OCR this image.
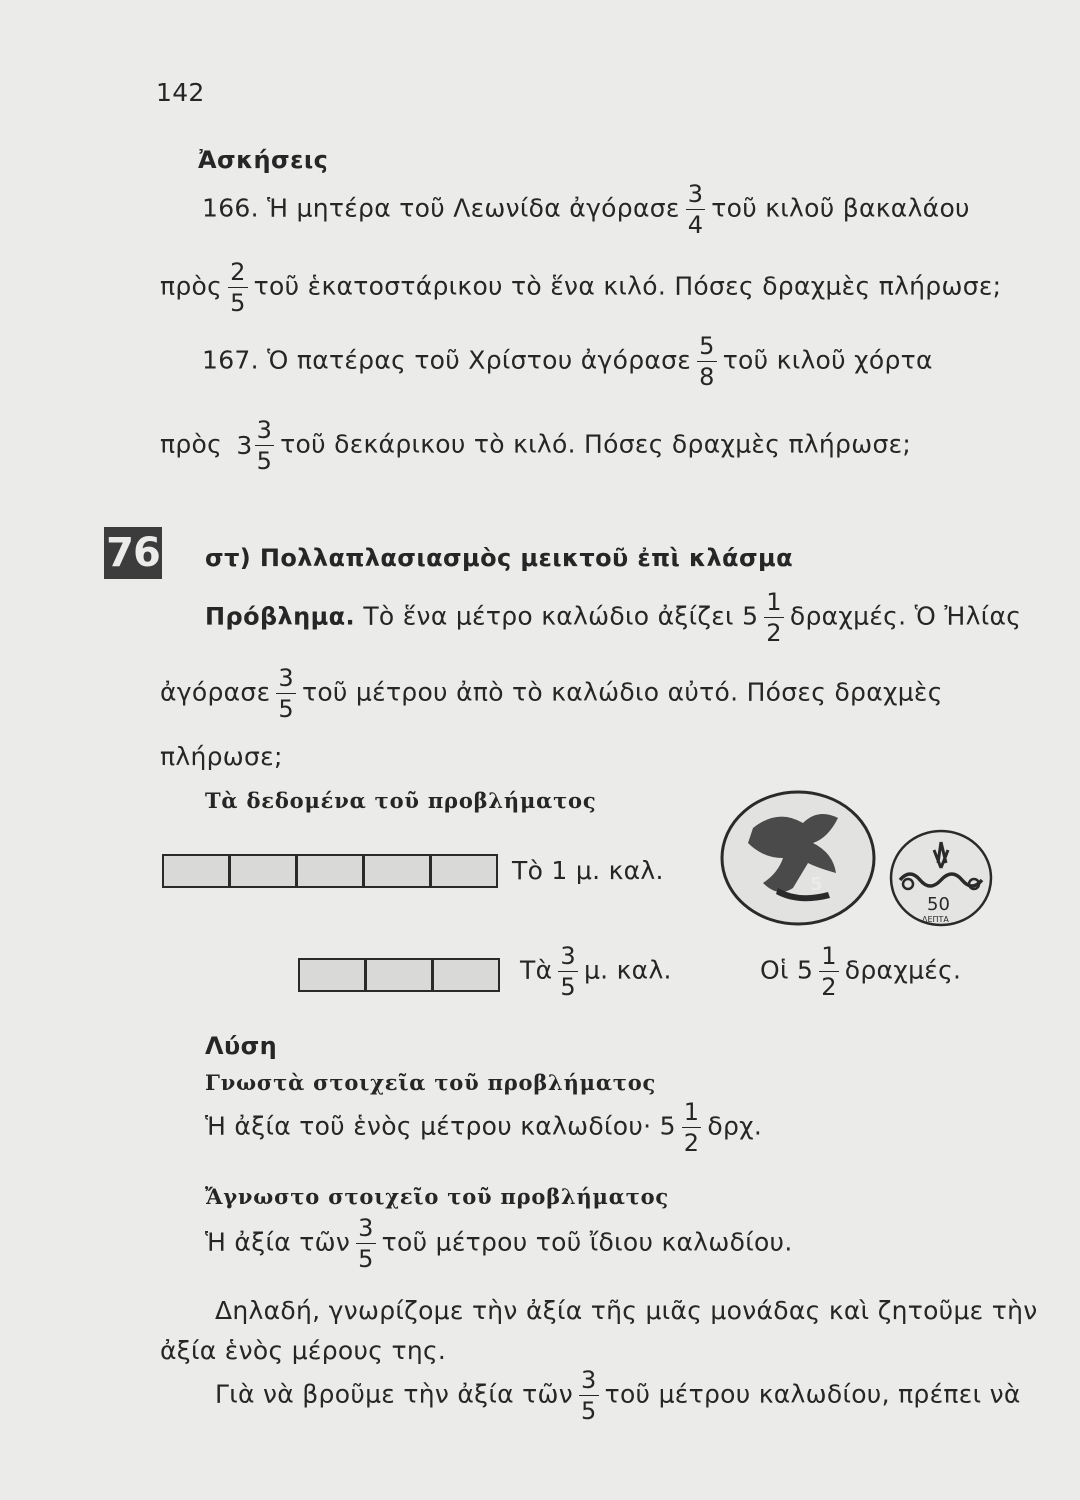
142
Ἀσκήσεις
166. Ἡ μητέρα τοῦ Λεωνίδα ἀγόρασε $\frac{3}{4}$ τοῦ κιλοῦ βακαλάου
πρὸς $\frac{2}{5}$ τοῦ ἑκατοστάρικου τὸ ἕνα κιλό. Πόσες δραχμὲς πλήρωσε;
167. Ὁ πατέρας τοῦ Χρίστου ἀγόρασε $\frac{5}{8}$ τοῦ κιλοῦ χόρτα
πρὸς $3 \frac{3}{5}$ τοῦ δεκάρικου τὸ κιλό. Πόσες δραχμὲς πλήρωσε;
76 στ) Πολλαπλασιασμὸς μεικτοῦ ἐπὶ κλάσμα
Πρόβλημα. Τὸ ἕνα μέτρο καλώδιο ἀξίζει $5 \frac{1}{2} \delta\rho\alpha\chi\mu έ\varsigma$. Ὁ Ἠλίας
ἀγόρασε $\frac{3}{5}$ τοῦ μέτρου ἀπὸ τὸ καλώδιο αὐτό. Πόσες δραχμὲς
πλήρωσε;
Τὰ δεδομένα τοῦ προβλήματος
Τὸ 1 μ. καλ.
Τὰ $\frac{3}{5} \mu$. καλ.	Οἱ $5 \frac{1}{2} \delta\rho\alpha\chi\mu έ\varsigma$.
5
50
ΛΕΠΤΑ
Λύση
Γνωστὰ στοιχεῖα τοῦ προβλήματος
Ἡ ἀξία τοῦ ἑνὸς μέτρου $\kappa\alpha\lambda\omega\delta ίo\upsilon\cdot 5 \frac{1}{2} \delta\rho\chi$.
Ἄγνωστο στοιχεῖο τοῦ προβλήματος
Ἡ ἀξία τῶν $\frac{3}{5}$ τοῦ μέτρου τοῦ ἴδιου καλωδίου.
Δηλαδή, γνωρίζομε τὴν ἀξία τῆς μιᾶς μονάδας καὶ ζητοῦμε τὴν
ἀξία ἑνὸς μέρους της.
Γιὰ νὰ βροῦμε τὴν ἀξία τῶν $\frac{3}{5}$ τοῦ μέτρου καλωδίου, πρέπει νὰ
